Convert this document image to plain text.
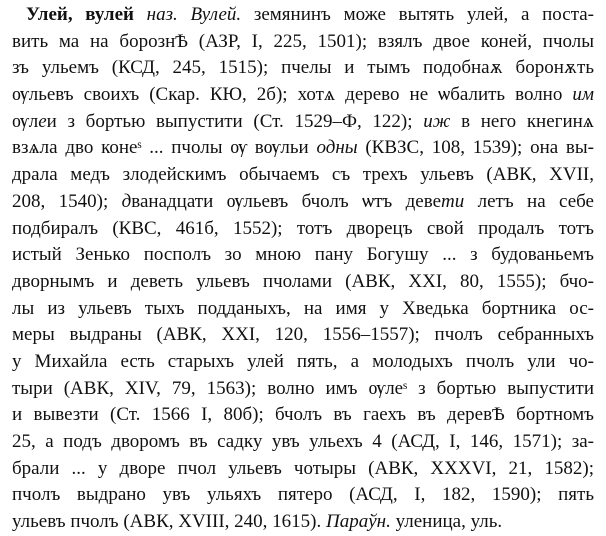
Улей, вулей наз. Вулей. земянинъ може вытять улей, а поста-
вить ма на борознѢ (АЗР, I, 225, 1501); взялъ двое коней, пчолы
зъ ульемъ (КСД, 245, 1515); пчелы и тымъ подобнаѫ боронѫть
ѹльевъ своихъ (Скар. КЮ, 2б); хотѧ дерево не ѡбалить волно им
ѹлеи з бортью выпустити (Ст. 1529–Ф, 122); иж в него кнегинѧ
взѧла дво конеˢ ... пчолы ѹ вѹльи одны (КВЗС, 108, 1539); она вы-
драла медъ злодейскимъ обычаемъ съ трехъ ульевъ (АВК, XVII,
208, 1540); дванадцати ѹльевъ бчолъ ѡтъ девети летъ на себе
подбиралъ (КВС, 461б, 1552); тотъ дворецъ свой продалъ тотъ
истый Зенько посполъ зо мною пану Богушу ... з будованьемъ
дворнымъ и деветь ульевъ пчолами (АВК, XXI, 80, 1555); бчо-
лы из ульевъ тыхъ подданыхъ, на имя у Хведька бортника ос-
меры выдраны (АВК, XXI, 120, 1556–1557); пчолъ себранныхъ
у Михайла есть старыхъ улей пять, а молодыхъ пчолъ ули чо-
тыри (АВК, XIV, 79, 1563); волно имъ ѹлеˢ з бортью выпустити
и вывезти (Ст. 1566 І, 80б); бчолъ въ гаехъ въ деревѢ бортномъ
25, а подъ дворомъ въ садку увъ ульехъ 4 (АСД, I, 146, 1571); за-
брали ... у дворе пчол ульевъ чотыры (АВК, XXXVI, 21, 1582);
пчолъ выдрано увъ ульяхъ пятеро (АСД, I, 182, 1590); пять
ульевъ пчолъ (АВК, XVIII, 240, 1615). Параўн. уленица, уль.
